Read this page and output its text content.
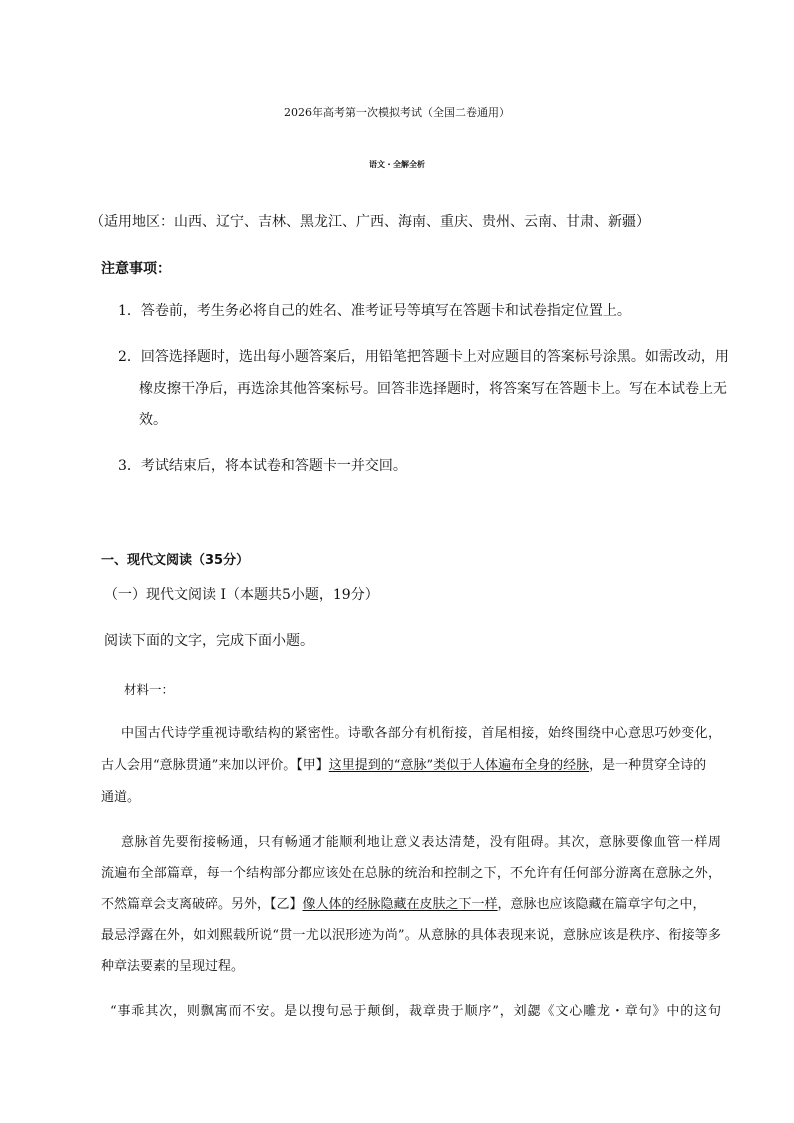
2026年高考第一次模拟考试（全国二卷通用）
语文・全解全析
（适用地区：山西、辽宁、吉林、黑龙江、广西、海南、重庆、贵州、云南、甘肃、新疆）
注意事项：
1．答卷前，考生务必将自己的姓名、准考证号等填写在答题卡和试卷指定位置上。
2．回答选择题时，选出每小题答案后，用铅笔把答题卡上对应题目的答案标号涂黑。如需改动，用
橡皮擦干净后，再选涂其他答案标号。回答非选择题时，将答案写在答题卡上。写在本试卷上无
效。
3．考试结束后，将本试卷和答题卡一并交回。
一、现代文阅读（35分）
（一）现代文阅读 I（本题共5小题，19分）
阅读下面的文字，完成下面小题。
材料一：
中国古代诗学重视诗歌结构的紧密性。诗歌各部分有机衔接，首尾相接，始终围绕中心意思巧妙变化，
古人会用“意脉贯通”来加以评价。【甲】这里提到的“意脉”类似于人体遍布全身的经脉，是一种贯穿全诗的
通道。
意脉首先要衔接畅通，只有畅通才能顺利地让意义表达清楚，没有阻碍。其次，意脉要像血管一样周
流遍布全部篇章，每一个结构部分都应该处在总脉的统治和控制之下，不允许有任何部分游离在意脉之外，
不然篇章会支离破碎。另外，【乙】像人体的经脉隐藏在皮肤之下一样，意脉也应该隐藏在篇章字句之中，
最忌浮露在外，如刘熙载所说“贯一尤以泯形迹为尚”。从意脉的具体表现来说，意脉应该是秩序、衔接等多
种章法要素的呈现过程。
“事乖其次，则飘寓而不安。是以搜句忌于颠倒，裁章贵于顺序”，刘勰《文心雕龙・章句》中的这句
